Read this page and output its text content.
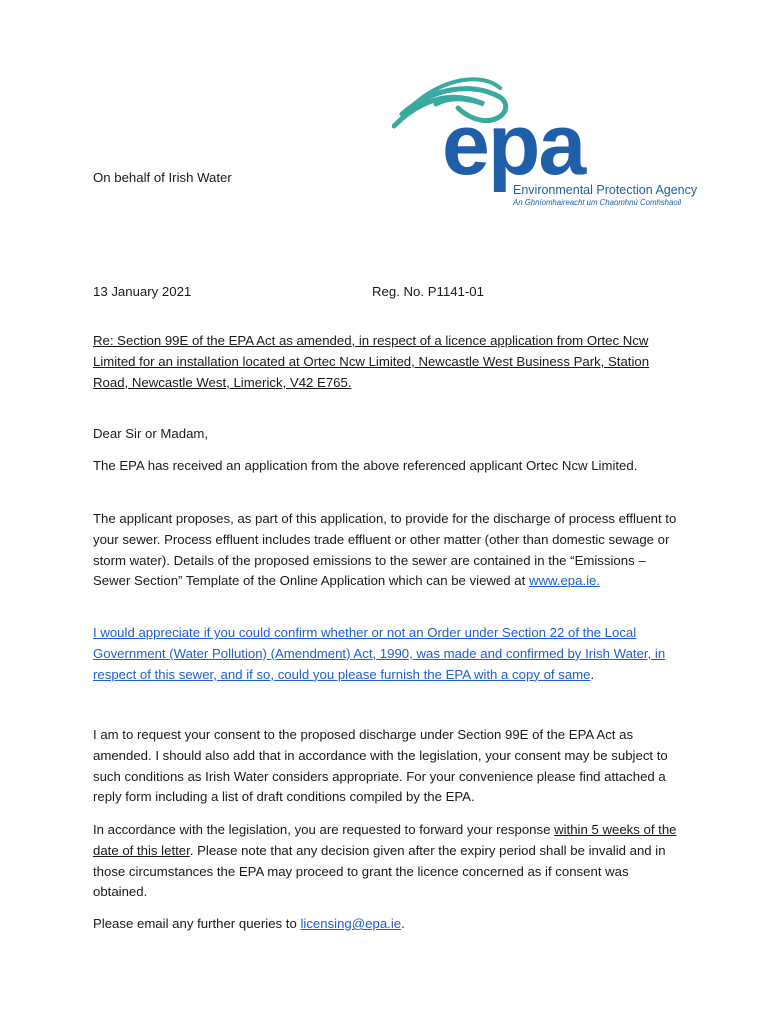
epa
Environmental Protection Agency
An Ghníomhaireacht um Chaomhnú Comhshaoil
On behalf of Irish Water
13 January 2021	Reg. No. P1141-01
Re: Section 99E of the EPA Act as amended, in respect of a licence application from Ortec Ncw Limited for an installation located at Ortec Ncw Limited, Newcastle West Business Park, Station Road, Newcastle West, Limerick, V42 E765.
Dear Sir or Madam,
The EPA has received an application from the above referenced applicant Ortec Ncw Limited.
The applicant proposes, as part of this application, to provide for the discharge of process effluent to your sewer. Process effluent includes trade effluent or other matter (other than domestic sewage or storm water). Details of the proposed emissions to the sewer are contained in the “Emissions – Sewer Section” Template of the Online Application which can be viewed at www.epa.ie.
I would appreciate if you could confirm whether or not an Order under Section 22 of the Local Government (Water Pollution) (Amendment) Act, 1990, was made and confirmed by Irish Water, in respect of this sewer, and if so, could you please furnish the EPA with a copy of same.
I am to request your consent to the proposed discharge under Section 99E of the EPA Act as amended. I should also add that in accordance with the legislation, your consent may be subject to such conditions as Irish Water considers appropriate. For your convenience please find attached a reply form including a list of draft conditions compiled by the EPA.
In accordance with the legislation, you are requested to forward your response within 5 weeks of the date of this letter. Please note that any decision given after the expiry period shall be invalid and in those circumstances the EPA may proceed to grant the licence concerned as if consent was obtained.
Please email any further queries to licensing@epa.ie.
